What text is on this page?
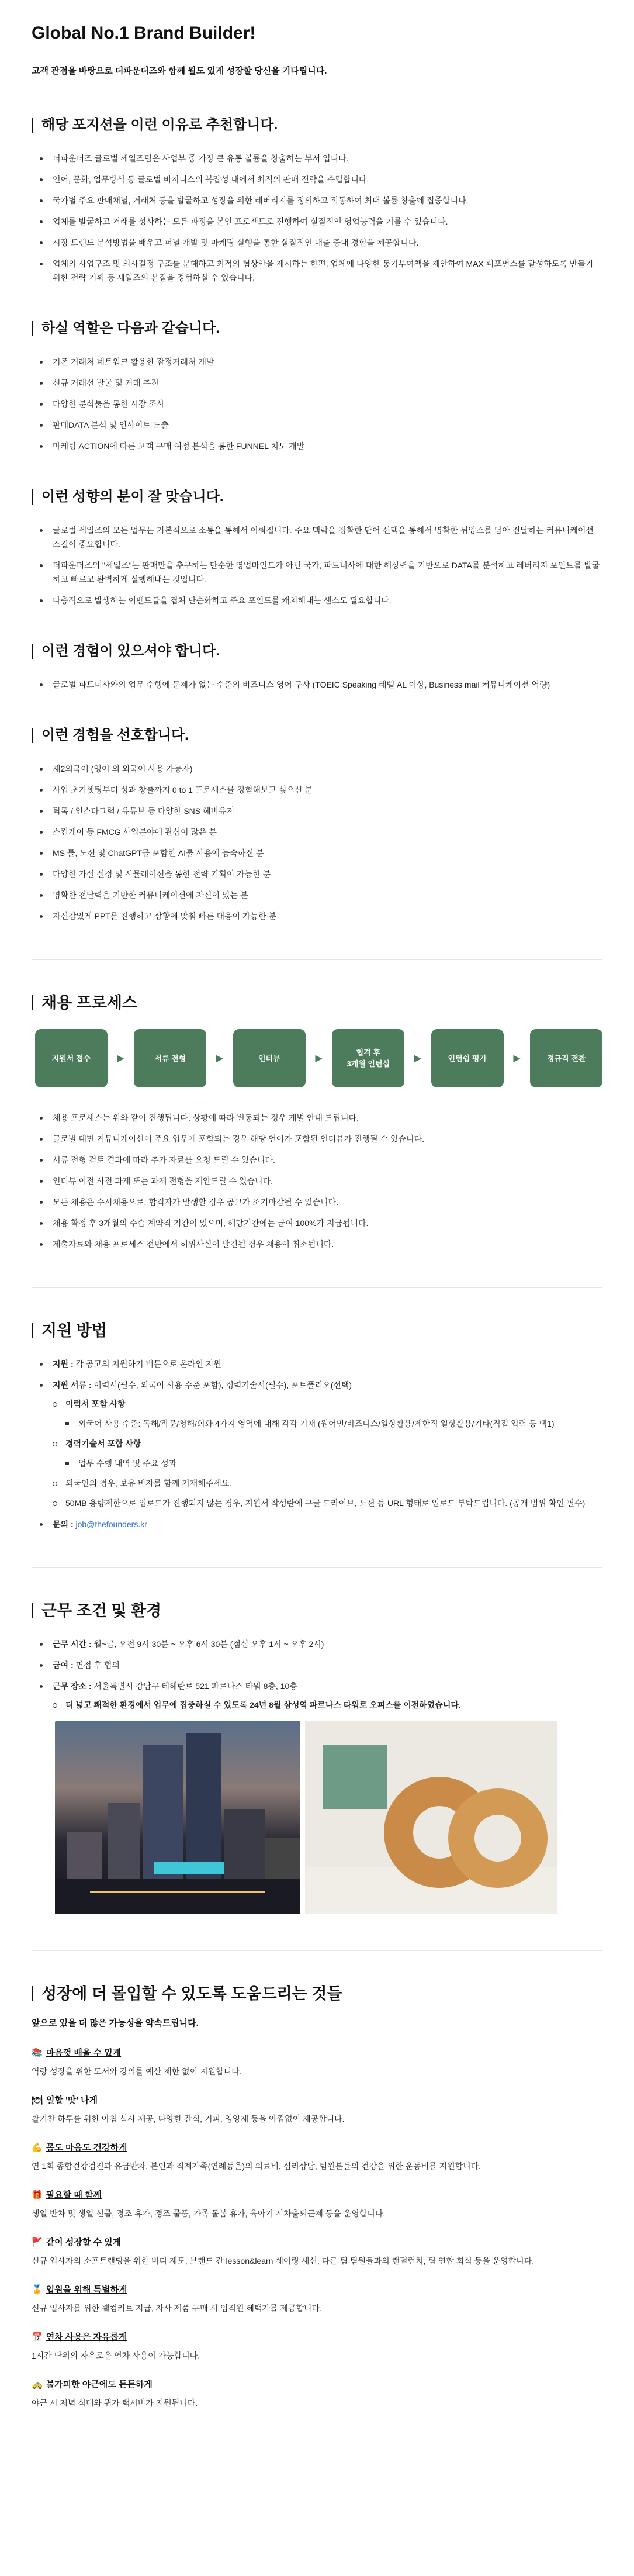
Global No.1 Brand Builder!
고객 관점을 바탕으로 더파운더즈와 함께 월도 있게 성장할 당신을 기다립니다.
해당 포지션을 이런 이유로 추천합니다.
더파운더즈 글로벌 세일즈팀은 사업부 중 가장 큰 유통 볼륨을 창출하는 부서 입니다.
언어, 문화, 업무방식 등 글로벌 비지니스의 복잡성 내에서 최적의 판매 전략을 수립합니다.
국가별 주요 판매채널, 거래처 등을 발굴하고 성장을 위한 레버리지를 정의하고 적동하여 최대 볼륨 창출에 집중합니다.
업체를 발굴하고 거래를 성사하는 모든 과정을 본인 프로젝트로 진행하여 실질적인 영업능력을 기를 수 있습니다.
시장 트렌드 분석방법을 배우고 퍼널 개발 및 마케팅 실행을 통한 실질적인 매출 증대 경험을 제공합니다.
업체의 사업구조 및 의사결정 구조를 분해하고 최적의 협상안을 제시하는 한편, 업체에 다양한 동기부여책을 제안하여 MAX 퍼포먼스를 달성하도록 만들기 위한 전략 기획 등 세일즈의 본질을 경험하실 수 있습니다.
하실 역할은 다음과 같습니다.
기존 거래처 네트워크 활용한 잠정거래처 개발
신규 거래선 발굴 및 거래 추진
다양한 분석툴을 통한 시장 조사
판매DATA 분석 및 인사이트 도출
마케팅 ACTION에 따른 고객 구매 여정 분석을 통한 FUNNEL 치도 개발
이런 성향의 분이 잘 맞습니다.
글로벌 세일즈의 모든 업무는 기본적으로 소통을 통해서 이뤄집니다. 주요 맥락을 정확한 단어 선택을 통해서 명확한 뉘앙스를 담아 전달하는 커뮤니케이션 스킬이 중요합니다.
더파운더즈의 "세일즈"는 판매만을 추구하는 단순한 영업마인드가 아닌 국가, 파트너사에 대한 해상력을 기반으로 DATA를 분석하고 레버리지 포인트를 발굴하고 빠르고 완벽하게 실행해내는 것입니다.
다층적으로 발생하는 이벤트들을 겹쳐 단순화하고 주요 포인트를 캐치해내는 센스도 필요합니다.
이런 경험이 있으셔야 합니다.
글로벌 파트너사와의 업무 수행에 문제가 없는 수준의 비즈니스 영어 구사 (TOEIC Speaking 레벨 AL 이상, Business mail 커뮤니케이션 역량)
이런 경험을 선호합니다.
제2외국어 (영어 외 외국어 사용 가능자)
사업 초기셋팅부터 성과 창출까지 0 to 1 프로세스를 경험해보고 싶으신 분
틱톡 / 인스타그램 / 유튜브 등 다양한 SNS 헤비유저
스킨케어 등 FMCG 사업분야에 관심이 많은 분
MS 툴, 노션 및 ChatGPT를 포함한 AI툴 사용에 능숙하신 분
다양한 가설 설정 및 시뮬레이션을 통한 전략 기획이 가능한 분
명확한 전달력을 기반한 커뮤니케이션에 자신이 있는 분
자신감있게 PPT를 진행하고 상황에 맞춰 빠른 대응이 가능한 분
채용 프로세스
지원서 접수	▶	서류 전형	▶	인터뷰	▶
협격 후
3개월 인턴십
▶	인턴쉽 평가	▶	정규직 전환
채용 프로세스는 위와 같이 진행됩니다. 상황에 따라 변동되는 경우 개별 안내 드립니다.
글로벌 대면 커뮤니케이션이 주요 업무에 포함되는 경우 해당 언어가 포함된 인터뷰가 진행될 수 있습니다.
서류 전형 검토 결과에 따라 추가 자료를 요청 드릴 수 있습니다.
인터뷰 이전 사전 과제 또는 과제 전형을 제안드릴 수 있습니다.
모든 채용은 수시채용으로, 합격자가 발생할 경우 공고가 조기마감될 수 있습니다.
채용 확정 후 3개월의 수습 계약직 기간이 있으며, 해당기간에는 급여 100%가 지급됩니다.
제출자료와 채용 프로세스 전반에서 허위사실이 발견될 경우 채용이 취소됩니다.
지원 방법
지원 : 각 공고의 지원하기 버튼으로 온라인 지원
지원 서류 : 이력서(필수, 외국어 사용 수준 포함), 경력기술서(필수), 포트폴리오(선택)
이력서 포함 사항
외국어 사용 수준: 독해/작문/청해/회화 4가지 영역에 대해 각각 기재 (원어민/비즈니스/일상활용/제한적 일상활용/기타(직접 입력 등 택1)
경력기술서 포함 사항
업무 수행 내역 및 주요 성과
외국인의 경우, 보유 비자를 함께 기재해주세요.
50MB 용량제한으로 업로드가 진행되지 않는 경우, 지원서 작성란에 구글 드라이브, 노션 등 URL 형태로 업로드 부탁드립니다. (공개 범위 확인 필수)
문의 : job@thefounders.kr
근무 조건 및 환경
근무 시간 : 월~금, 오전 9시 30분 ~ 오후 6시 30분 (점심 오후 1시 ~ 오후 2시)
급여 : 면접 후 협의
근무 장소 : 서울특별시 강남구 테헤란로 521 파르나스 타워 8층, 10층
더 넓고 쾌적한 환경에서 업무에 집중하실 수 있도록 24년 8월 삼성역 파르나스 타워로 오피스를 이전하였습니다.
성장에 더 몰입할 수 있도록 도움드리는 것들
앞으로 있을 더 많은 가능성을 약속드립니다.
📚 마음껏 배울 수 있게
역량 성장을 위한 도서와 강의를 예산 제한 없이 지원합니다.
🍽 일할 '맛' 나게
활기찬 하루를 위한 아침 식사 제공, 다양한 간식, 커피, 영양제 등을 아낌없이 제공합니다.
💪 몸도 마음도 건강하게
연 1회 종합건강검진과 유급반차, 본인과 직계가족(연례등울)의 의료비, 심리상담, 팀원분들의 건강을 위한 운동비를 지원합니다.
🎁 필요할 때 함께
생일 반차 및 생일 선물, 경조 휴가, 경조 물품, 가족 돌봄 휴가, 육아기 시차출퇴근제 등을 운영합니다.
🚩 같이 성장할 수 있게
신규 입사자의 소프트랜딩을 위한 버디 제도, 브랜드 간 lesson&learn 쉐어링 세션, 다른 팀 팀원들과의 랜덤런치, 팀 연합 회식 등을 운영합니다.
🏅 입원을 위해 특별하게
신규 입사자를 위한 웰컴키트 지급, 자사 제품 구매 시 임직원 혜택가를 제공합니다.
📅 연차 사용은 자유롭게
1시간 단위의 자유로운 연차 사용이 가능합니다.
🚕 불가피한 야근에도 든든하게
야근 시 저녁 식대와 귀가 택시비가 지원됩니다.
